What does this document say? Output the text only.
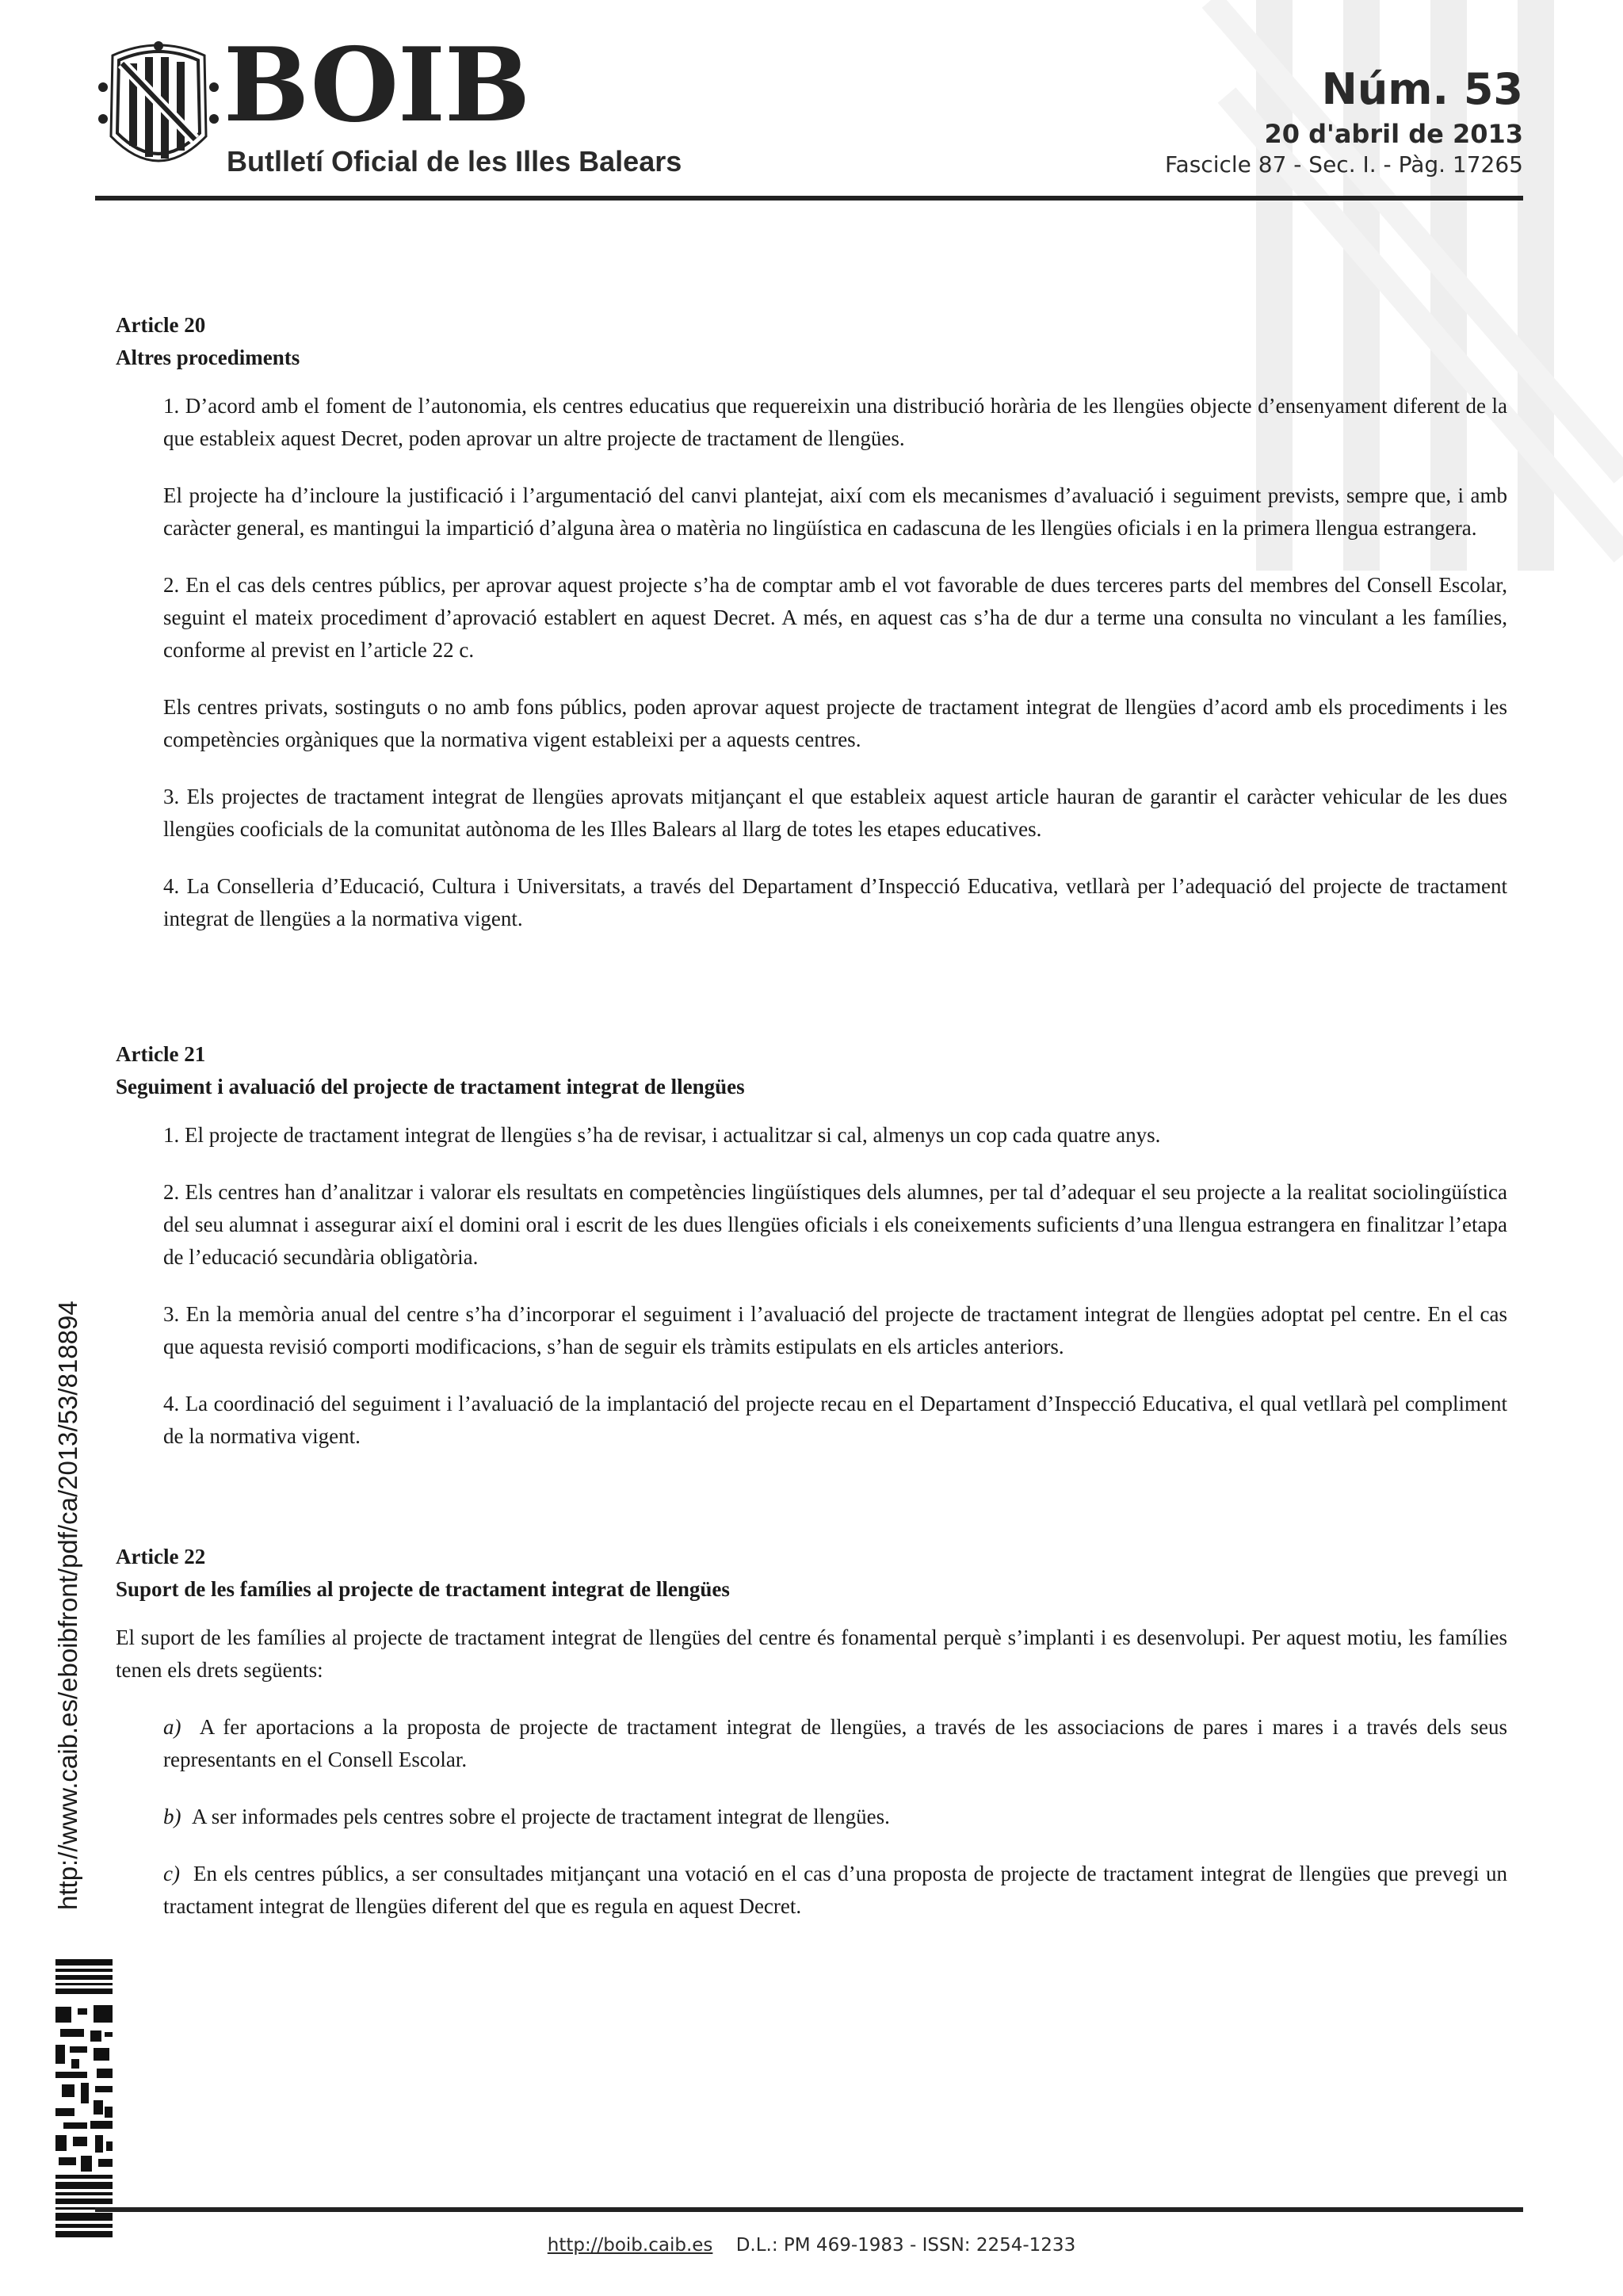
BOIB
Butlletí Oficial de les Illes Balears
Núm. 53
20 d'abril de 2013
Fascicle 87 - Sec. I. - Pàg. 17265
Article 20
Altres procediments

1. D’acord amb el foment de l’autonomia, els centres educatius que requereixin una distribució horària de les llengües objecte d’ensenyament diferent de la que estableix aquest Decret, poden aprovar un altre projecte de tractament de llengües.

El projecte ha d’incloure la justificació i l’argumentació del canvi plantejat, així com els mecanismes d’avaluació i seguiment prevists, sempre que, i amb caràcter general, es mantingui la impartició d’alguna àrea o matèria no lingüística en cadascuna de les llengües oficials i en la primera llengua estrangera.

2. En el cas dels centres públics, per aprovar aquest projecte s’ha de comptar amb el vot favorable de dues terceres parts del membres del Consell Escolar, seguint el mateix procediment d’aprovació establert en aquest Decret. A més, en aquest cas s’ha de dur a terme una consulta no vinculant a les famílies, conforme al previst en l’article 22 c.

Els centres privats, sostinguts o no amb fons públics, poden aprovar aquest projecte de tractament integrat de llengües d’acord amb els procediments i les competències orgàniques que la normativa vigent estableixi per a aquests centres.

3. Els projectes de tractament integrat de llengües aprovats mitjançant el que estableix aquest article hauran de garantir el caràcter vehicular de les dues llengües cooficials de la comunitat autònoma de les Illes Balears al llarg de totes les etapes educatives.

4. La Conselleria d’Educació, Cultura i Universitats, a través del Departament d’Inspecció Educativa, vetllarà per l’adequació del projecte de tractament integrat de llengües a la normativa vigent.

Article 21
Seguiment i avaluació del projecte de tractament integrat de llengües

1. El projecte de tractament integrat de llengües s’ha de revisar, i actualitzar si cal, almenys un cop cada quatre anys.

2. Els centres han d’analitzar i valorar els resultats en competències lingüístiques dels alumnes, per tal d’adequar el seu projecte a la realitat sociolingüística del seu alumnat i assegurar així el domini oral i escrit de les dues llengües oficials i els coneixements suficients d’una llengua estrangera en finalitzar l’etapa de l’educació secundària obligatòria.

3. En la memòria anual del centre s’ha d’incorporar el seguiment i l’avaluació del projecte de tractament integrat de llengües adoptat pel centre. En el cas que aquesta revisió comporti modificacions, s’han de seguir els tràmits estipulats en els articles anteriors.

4. La coordinació del seguiment i l’avaluació de la implantació del projecte recau en el Departament d’Inspecció Educativa, el qual vetllarà pel compliment de la normativa vigent.

Article 22
Suport de les famílies al projecte de tractament integrat de llengües

El suport de les famílies al projecte de tractament integrat de llengües del centre és fonamental perquè s’implanti i es desenvolupi. Per aquest motiu, les famílies tenen els drets següents:

a) A fer aportacions a la proposta de projecte de tractament integrat de llengües, a través de les associacions de pares i mares i a través dels seus representants en el Consell Escolar.

b) A ser informades pels centres sobre el projecte de tractament integrat de llengües.

c) En els centres públics, a ser consultades mitjançant una votació en el cas d’una proposta de projecte de tractament integrat de llengües que prevegi un tractament integrat de llengües diferent del que es regula en aquest Decret.

http://www.caib.es/eboibfront/pdf/ca/2013/53/818894
http://boib.caib.es D.L.: PM 469-1983 - ISSN: 2254-1233
